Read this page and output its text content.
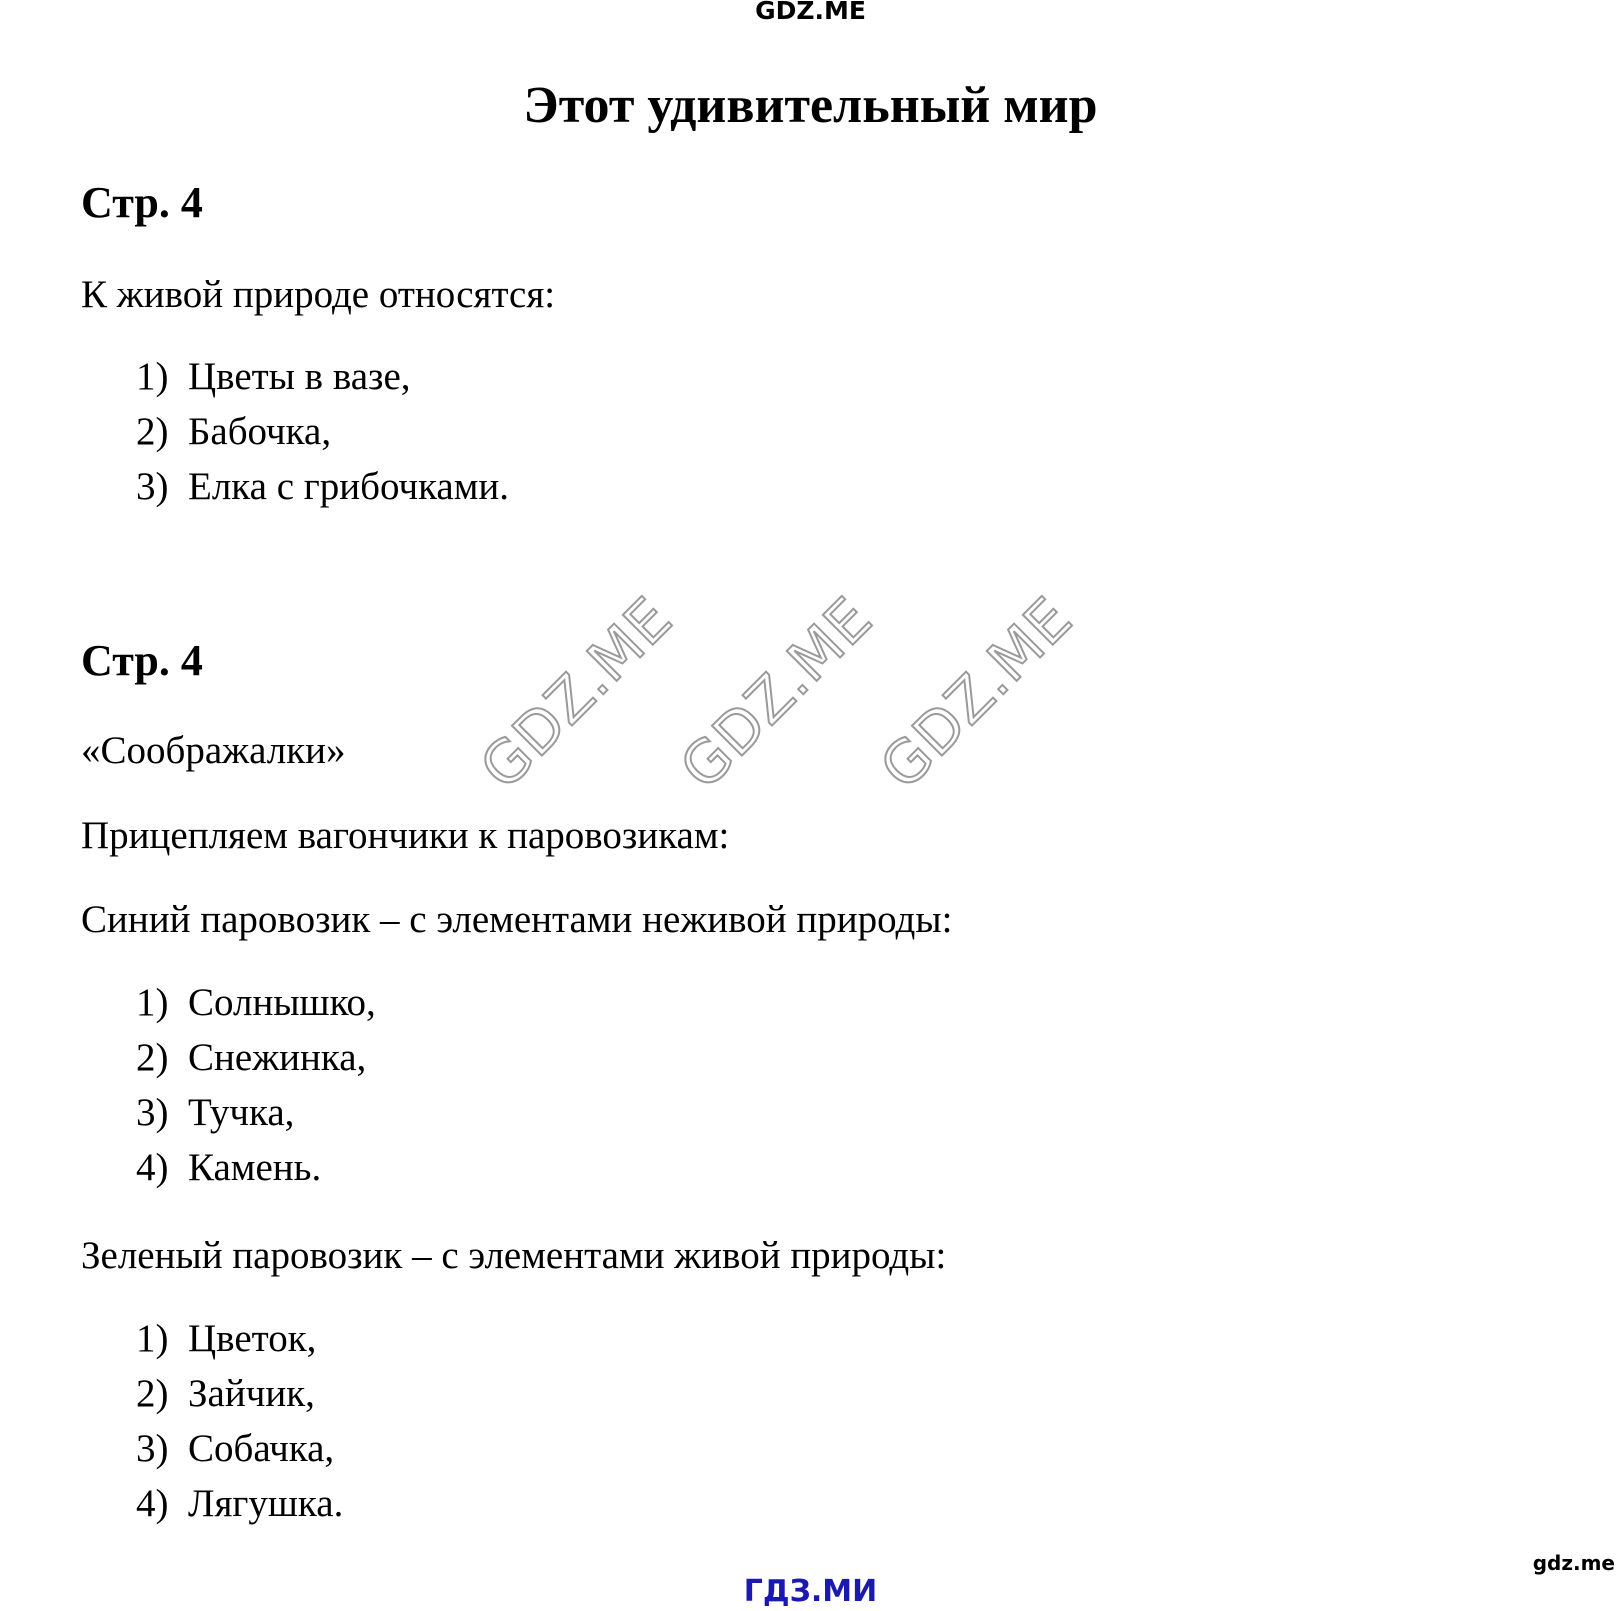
GDZ.ME
Этот удивительный мир
Стр. 4

К живой природе относятся:

1) Цветы в вазе,
2) Бабочка,
3) Елка с грибочками.
Стр. 4

«Соображалки»

Прицепляем вагончики к паровозикам:

Синий паровозик – с элементами неживой природы:

1) Солнышко,
2) Снежинка,
3) Тучка,
4) Камень.

Зеленый паровозик – с элементами живой природы:

1) Цветок,
2) Зайчик,
3) Собачка,
4) Лягушка.
GDZ.ME
GDZ.ME
GDZ.ME
gdz.me
ГДЗ.МИ
